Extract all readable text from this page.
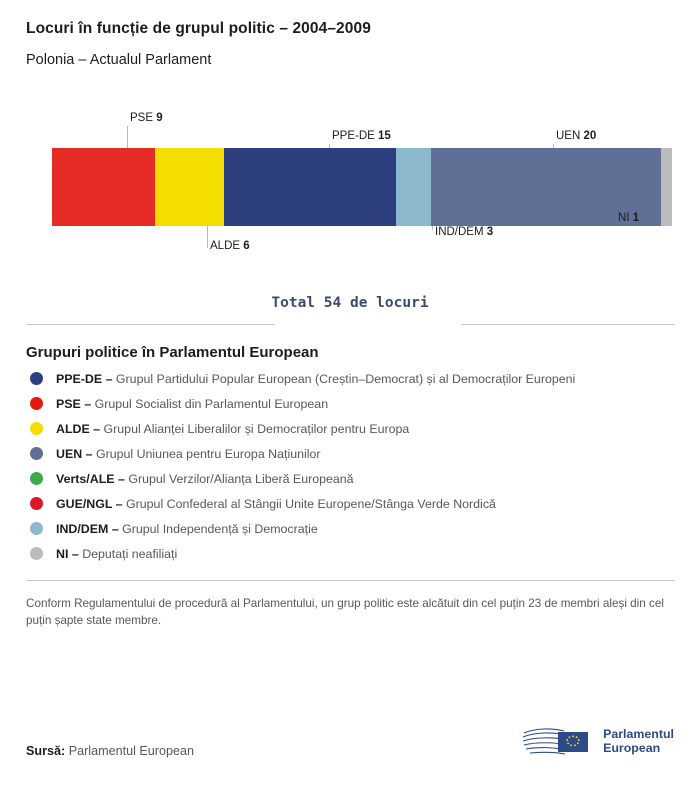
Locuri în funcție de grupul politic – 2004–2009
Polonia – Actualul Parlament
PSE 9
PPE-DE 15	UEN 20
ALDE 6
IND/DEM 3
NI 1
Total 54 de locuri
Grupuri politice în Parlamentul European
PPE-DE – Grupul Partidului Popular European (Creștin–Democrat) și al Democraților Europeni
PSE – Grupul Socialist din Parlamentul European
ALDE – Grupul Alianței Liberalilor și Democraților pentru Europa
UEN – Grupul Uniunea pentru Europa Națiunilor
Verts/ALE – Grupul Verzilor/Alianța Liberă Europeană
GUE/NGL – Grupul Confederal al Stângii Unite Europene/Stânga Verde Nordică
IND/DEM – Grupul Independență și Democrație
NI – Deputați neafiliați
Conform Regulamentului de procedură al Parlamentului, un grup politic este alcătuit din cel puțin 23 de membri aleși din cel puțin șapte state membre.
Sursă: Parlamentul European
Parlamentul
European
